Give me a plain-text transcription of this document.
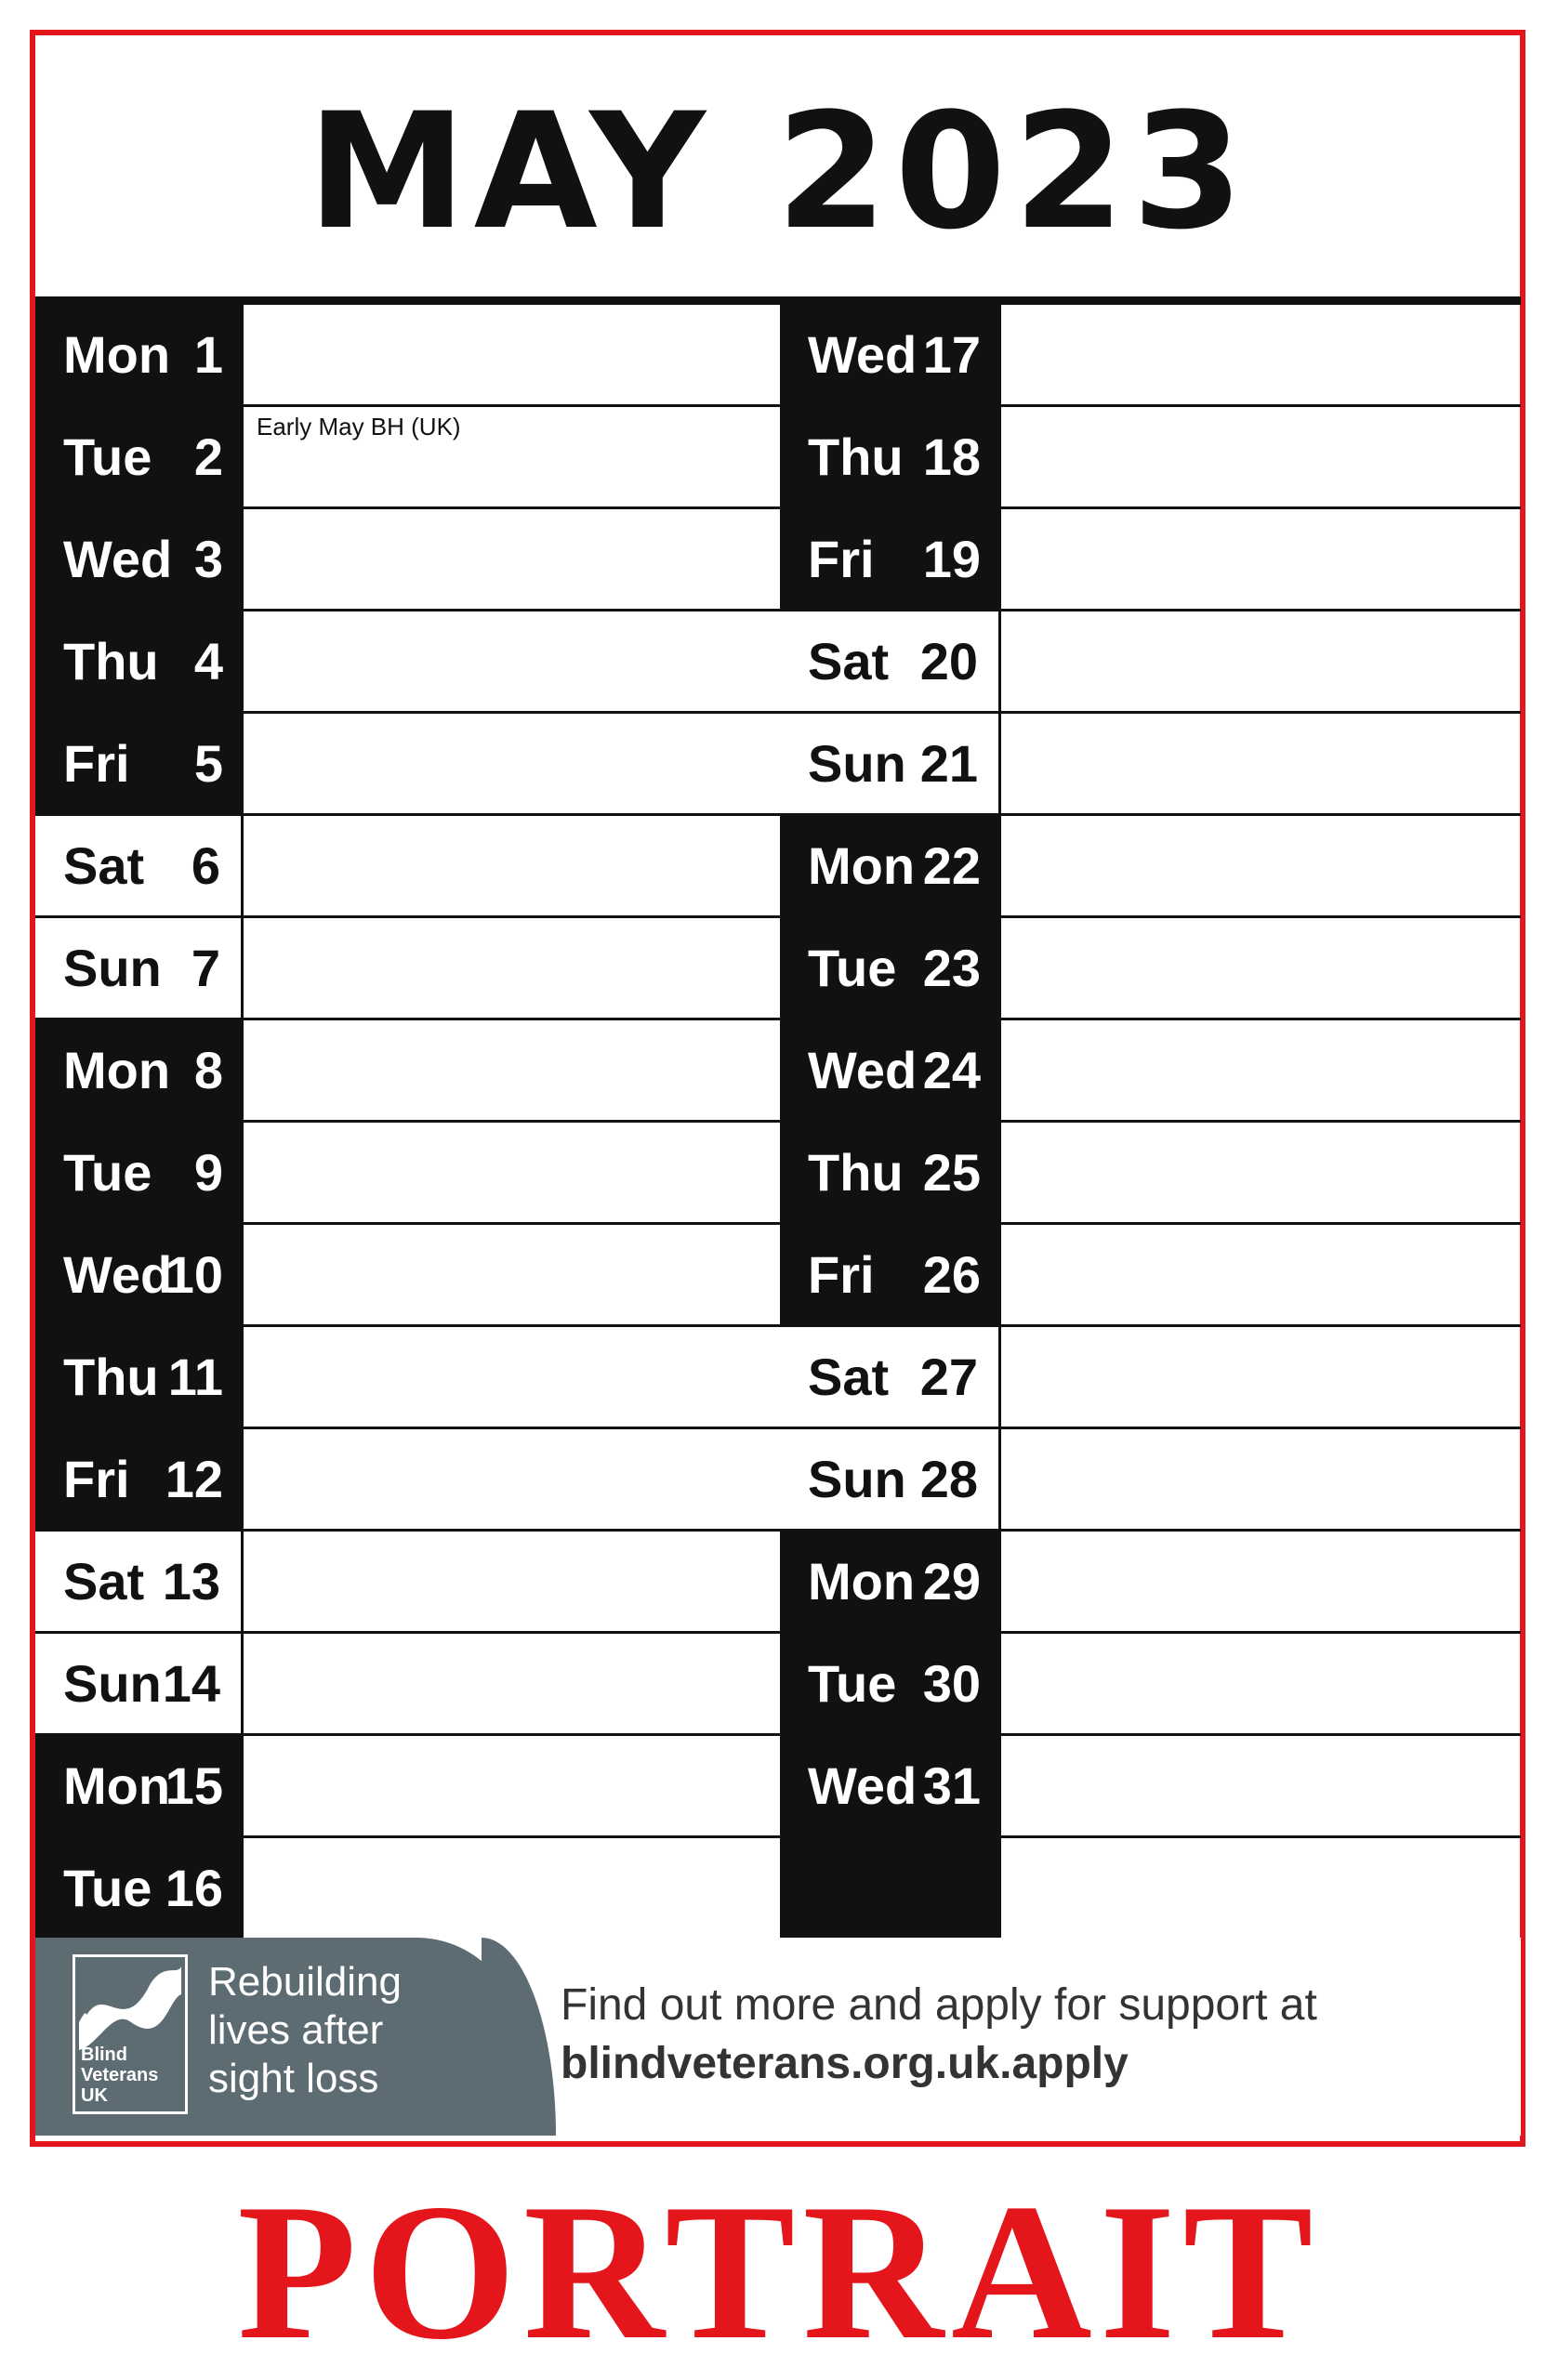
MAY 2023
Mon 1
Tue 2
Early May BH (UK)
Wed 3
Thu 4
Fri 5
Sat 6
Sun 7
Mon 8
Tue 9
Wed
10
Thu 11
Fri 12
Sat 13
Sun 14
Mon
15
Tue 16
Wed 17
Thu 18
Fri 19
Sat 20
Sun 21
Mon 22
Tue 23
Wed 24
Thu 25
Fri 26
Sat 27
Sun 28
Mon 29
Tue 30
Wed 31
Blind
Veterans
UK
Rebuilding
lives after
sight loss
Find out more and apply for support at
blindveterans.org.uk.apply
PORTRAIT
